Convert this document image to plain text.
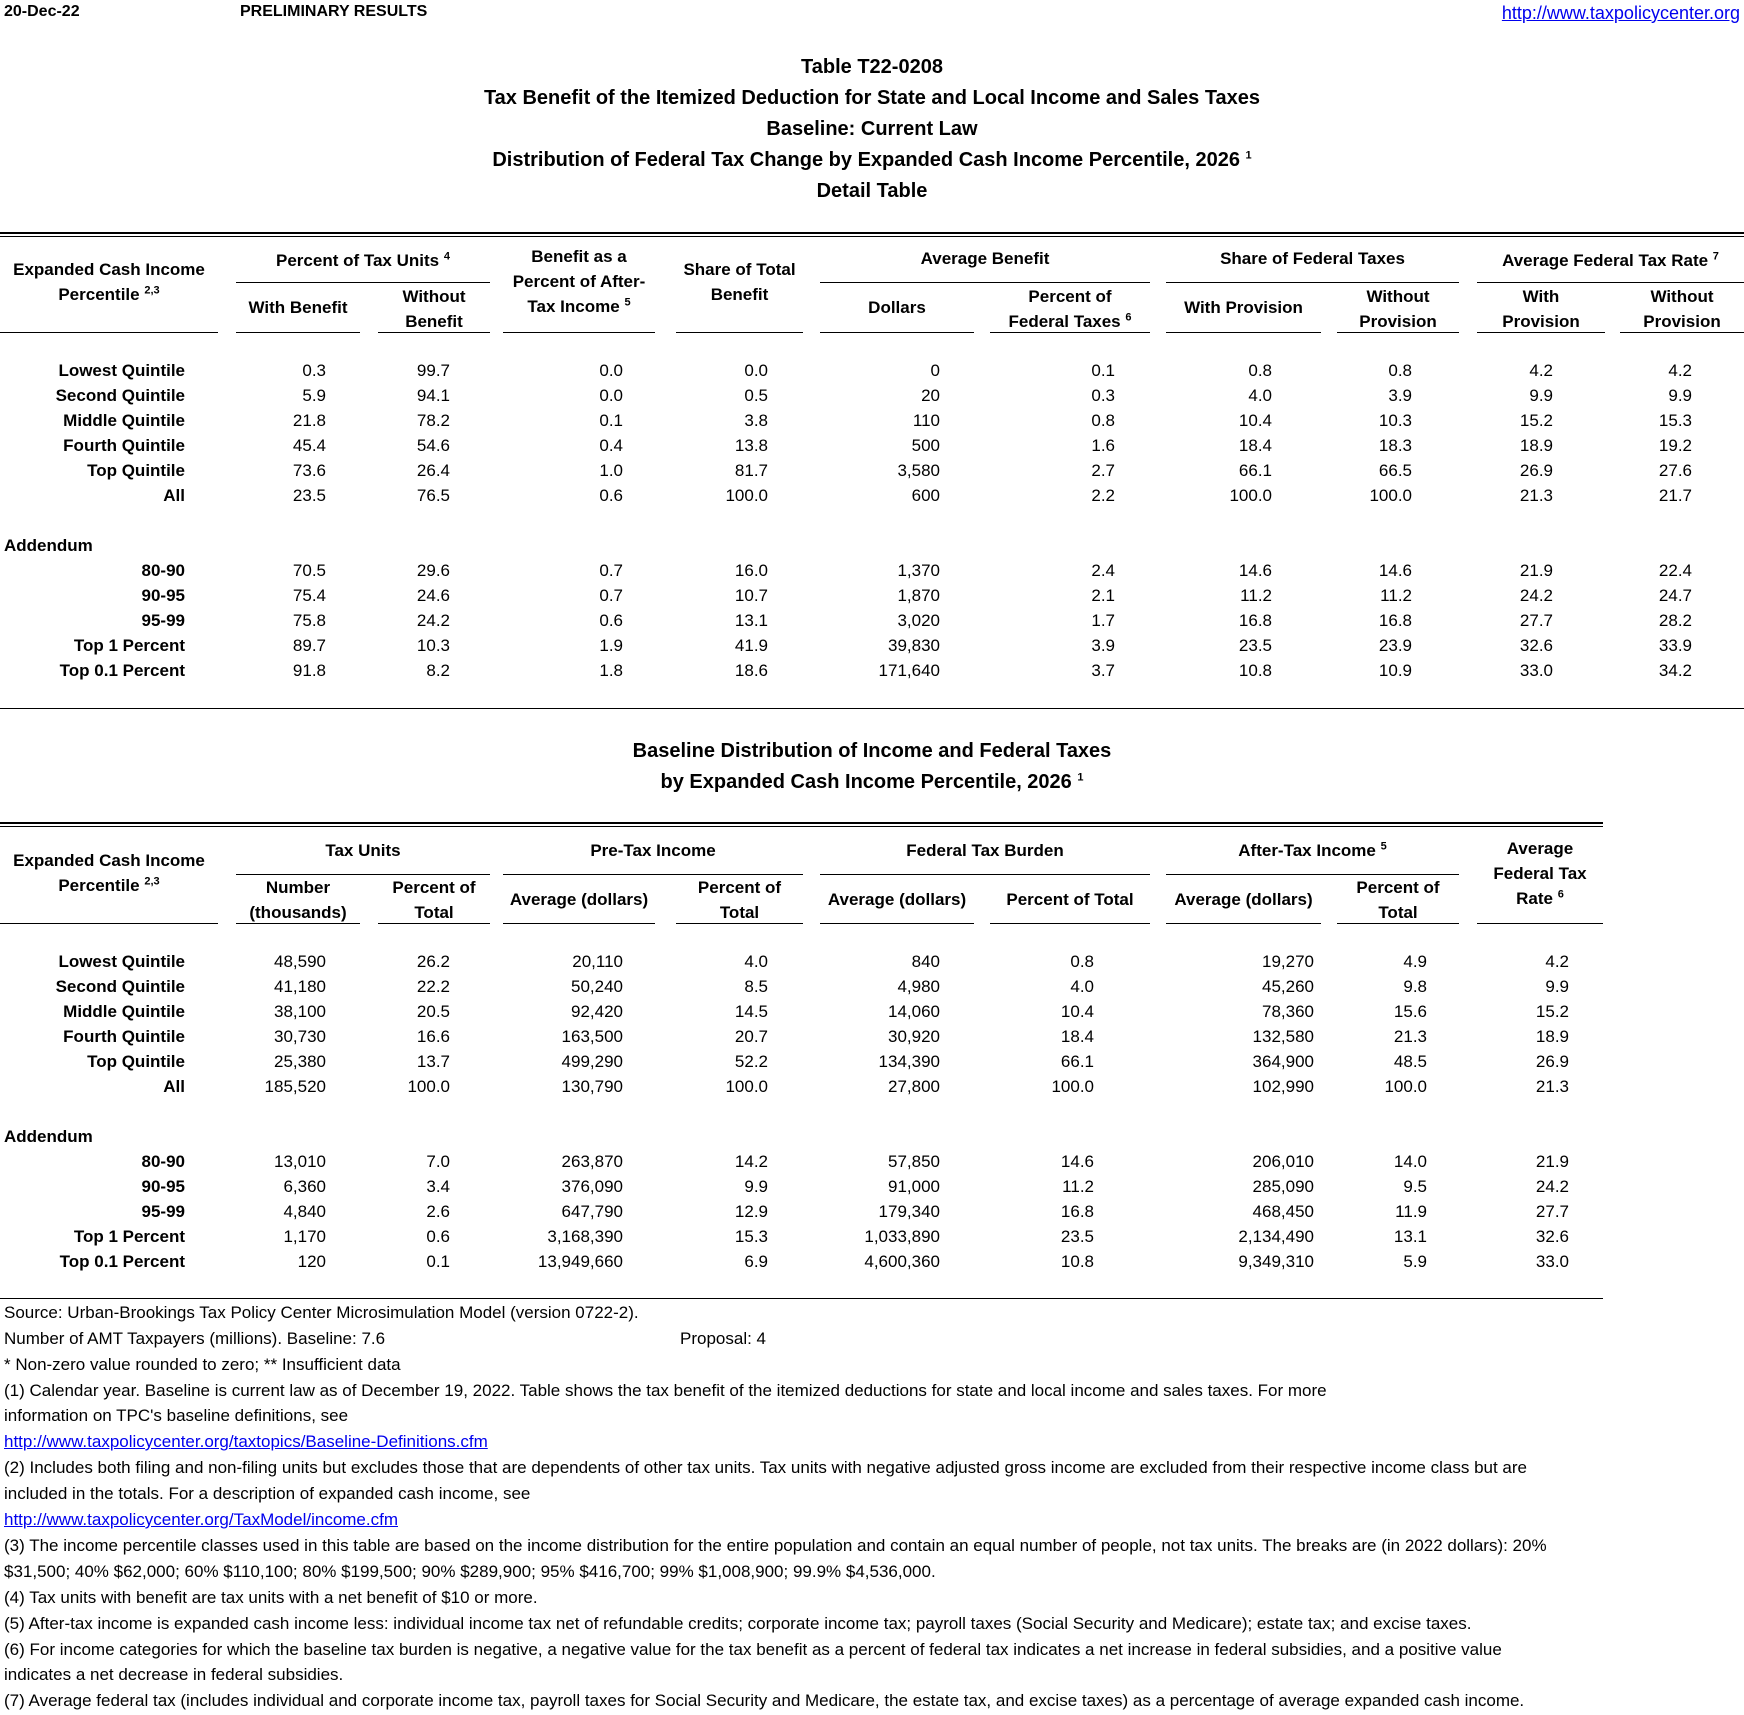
20-Dec-22	PRELIMINARY RESULTS	http://www.taxpolicycenter.org
Table T22-0208
Tax Benefit of the Itemized Deduction for State and Local Income and Sales Taxes
Baseline: Current Law
Distribution of Federal Tax Change by Expanded Cash Income Percentile, 2026 $^1$
Detail Table
Expanded Cash Income
Percentile $^{2,3}$
Percent of Tax Units $^4$
With Benefit
Without
Benefit
Benefit as a
Percent of After-
Tax Income $^5$
Share of Total
Benefit
Average Benefit
Dollars
Percent of
Federal Taxes $^6$
Share of Federal Taxes
With Provision
Without
Provision
Average Federal Tax Rate $^7$
With
Provision
Without
Provision
Lowest Quintile	0.3	99.7	0.0	0.0	0	0.1	0.8	0.8	4.2	4.2
Second Quintile	5.9	94.1	0.0	0.5	20	0.3	4.0	3.9	9.9	9.9
Middle Quintile	21.8	78.2	0.1	3.8	110	0.8	10.4	10.3	15.2	15.3
Fourth Quintile	45.4	54.6	0.4	13.8	500	1.6	18.4	18.3	18.9	19.2
Top Quintile	73.6	26.4	1.0	81.7	3,580	2.7	66.1	66.5	26.9	27.6
All	23.5	76.5	0.6	100.0	600	2.2	100.0	100.0	21.3	21.7
80-90	70.5	29.6	0.7	16.0	1,370	2.4	14.6	14.6	21.9	22.4
90-95	75.4	24.6	0.7	10.7	1,870	2.1	11.2	11.2	24.2	24.7
95-99	75.8	24.2	0.6	13.1	3,020	1.7	16.8	16.8	27.7	28.2
Top 1 Percent	89.7	10.3	1.9	41.9	39,830	3.9	23.5	23.9	32.6	33.9
Top 0.1 Percent	91.8	8.2	1.8	18.6	171,640	3.7	10.8	10.9	33.0	34.2
Addendum
Baseline Distribution of Income and Federal Taxes
by Expanded Cash Income Percentile, 2026 $^1$
Expanded Cash Income
Percentile $^{2,3}$
Tax Units
Number
(thousands)
Percent of
Total
Pre-Tax Income
Average (dollars)
Percent of
Total
Federal Tax Burden
Average (dollars)	Percent of Total
After-Tax Income $^5$
Average (dollars)
Percent of
Total
Average
Federal Tax
Rate $^6$
Lowest Quintile	48,590	26.2	20,110	4.0	840	0.8	19,270	4.9	4.2
Second Quintile	41,180	22.2	50,240	8.5	4,980	4.0	45,260	9.8	9.9
Middle Quintile	38,100	20.5	92,420	14.5	14,060	10.4	78,360	15.6	15.2
Fourth Quintile	30,730	16.6	163,500	20.7	30,920	18.4	132,580	21.3	18.9
Top Quintile	25,380	13.7	499,290	52.2	134,390	66.1	364,900	48.5	26.9
All	185,520	100.0	130,790	100.0	27,800	100.0	102,990	100.0	21.3
80-90	13,010	7.0	263,870	14.2	57,850	14.6	206,010	14.0	21.9
90-95	6,360	3.4	376,090	9.9	91,000	11.2	285,090	9.5	24.2
95-99	4,840	2.6	647,790	12.9	179,340	16.8	468,450	11.9	27.7
Top 1 Percent	1,170	0.6	3,168,390	15.3	1,033,890	23.5	2,134,490	13.1	32.6
Top 0.1 Percent	120	0.1	13,949,660	6.9	4,600,360	10.8	9,349,310	5.9	33.0
Addendum
Source: Urban-Brookings Tax Policy Center Microsimulation Model (version 0722-2).
Number of AMT Taxpayers (millions). Baseline: 7.6	Proposal: 4
* Non-zero value rounded to zero; ** Insufficient data
(1) Calendar year. Baseline is current law as of December 19, 2022. Table shows the tax benefit of the itemized deductions for state and local income and sales taxes. For more
information on TPC's baseline definitions, see
http://www.taxpolicycenter.org/taxtopics/Baseline-Definitions.cfm
(2) Includes both filing and non-filing units but excludes those that are dependents of other tax units. Tax units with negative adjusted gross income are excluded from their respective income class but are
included in the totals. For a description of expanded cash income, see
http://www.taxpolicycenter.org/TaxModel/income.cfm
(3) The income percentile classes used in this table are based on the income distribution for the entire population and contain an equal number of people, not tax units. The breaks are (in 2022 dollars): 20%
$31,500; 40% $62,000; 60% $110,100; 80% $199,500; 90% $289,900; 95% $416,700; 99% $1,008,900; 99.9% $4,536,000.
(4) Tax units with benefit are tax units with a net benefit of $10 or more.
(5) After-tax income is expanded cash income less: individual income tax net of refundable credits; corporate income tax; payroll taxes (Social Security and Medicare); estate tax; and excise taxes.
(6) For income categories for which the baseline tax burden is negative, a negative value for the tax benefit as a percent of federal tax indicates a net increase in federal subsidies, and a positive value
indicates a net decrease in federal subsidies.
(7) Average federal tax (includes individual and corporate income tax, payroll taxes for Social Security and Medicare, the estate tax, and excise taxes) as a percentage of average expanded cash income.
